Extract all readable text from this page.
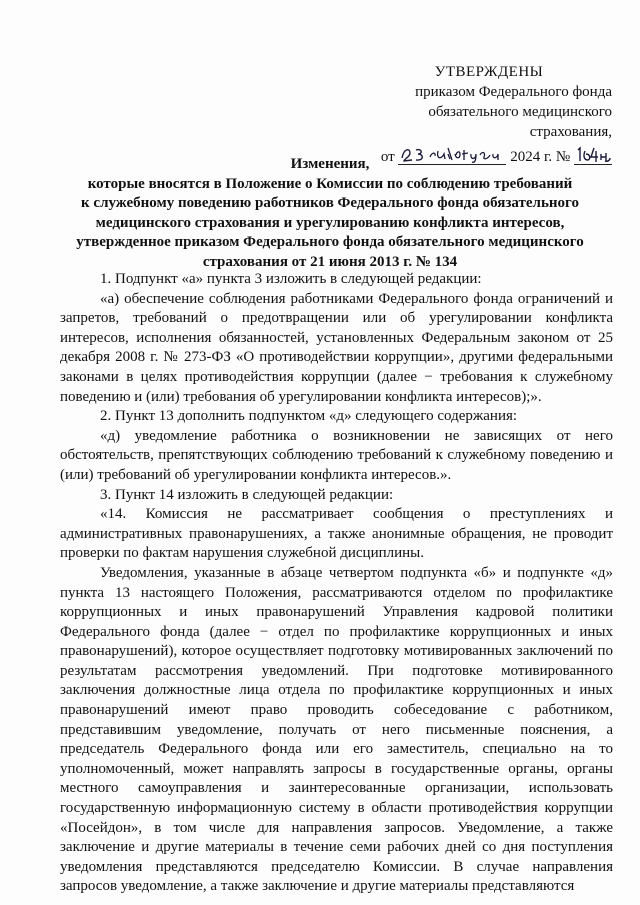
УТВЕРЖДЕНЫ
приказом Федерального фонда
обязательного медицинского страхования,
от	2024 г. №
Изменения,
которые вносятся в Положение о Комиссии по соблюдению требований
к служебному поведению работников Федерального фонда обязательного
медицинского страхования и урегулированию конфликта интересов,
утвержденное приказом Федерального фонда обязательного медицинского
страхования от 21 июня 2013 г. № 134

1. Подпункт «а» пункта 3 изложить в следующей редакции:

«а) обеспечение соблюдения работниками Федерального фонда ограничений и запретов, требований о предотвращении или об урегулировании конфликта интересов, исполнения обязанностей, установленных Федеральным законом от 25 декабря 2008 г. № 273-ФЗ «О противодействии коррупции», другими федеральными законами в целях противодействия коррупции (далее − требования к служебному поведению и (или) требования об урегулировании конфликта интересов);».

2. Пункт 13 дополнить подпунктом «д» следующего содержания:

«д) уведомление работника о возникновении не зависящих от него обстоятельств, препятствующих соблюдению требований к служебному поведению и (или) требований об урегулировании конфликта интересов.».

3. Пункт 14 изложить в следующей редакции:

«14. Комиссия не рассматривает сообщения о преступлениях и административных правонарушениях, а также анонимные обращения, не проводит проверки по фактам нарушения служебной дисциплины.

Уведомления, указанные в абзаце четвертом подпункта «б» и подпункте «д» пункта 13 настоящего Положения, рассматриваются отделом по профилактике коррупционных и иных правонарушений Управления кадровой политики Федерального фонда (далее − отдел по профилактике коррупционных и иных правонарушений), которое осуществляет подготовку мотивированных заключений по результатам рассмотрения уведомлений. При подготовке мотивированного заключения должностные лица отдела по профилактике коррупционных и иных правонарушений имеют право проводить собеседование с работником, представившим уведомление, получать от него письменные пояснения, а председатель Федерального фонда или его заместитель, специально на то уполномоченный, может направлять запросы в государственные органы, органы местного самоуправления и заинтересованные организации, использовать государственную информационную систему в области противодействия коррупции «Посейдон», в том числе для направления запросов. Уведомление, а также заключение и другие материалы в течение семи рабочих дней со дня поступления уведомления представляются председателю Комиссии. В случае направления запросов уведомление, а также заключение и другие материалы представляются
